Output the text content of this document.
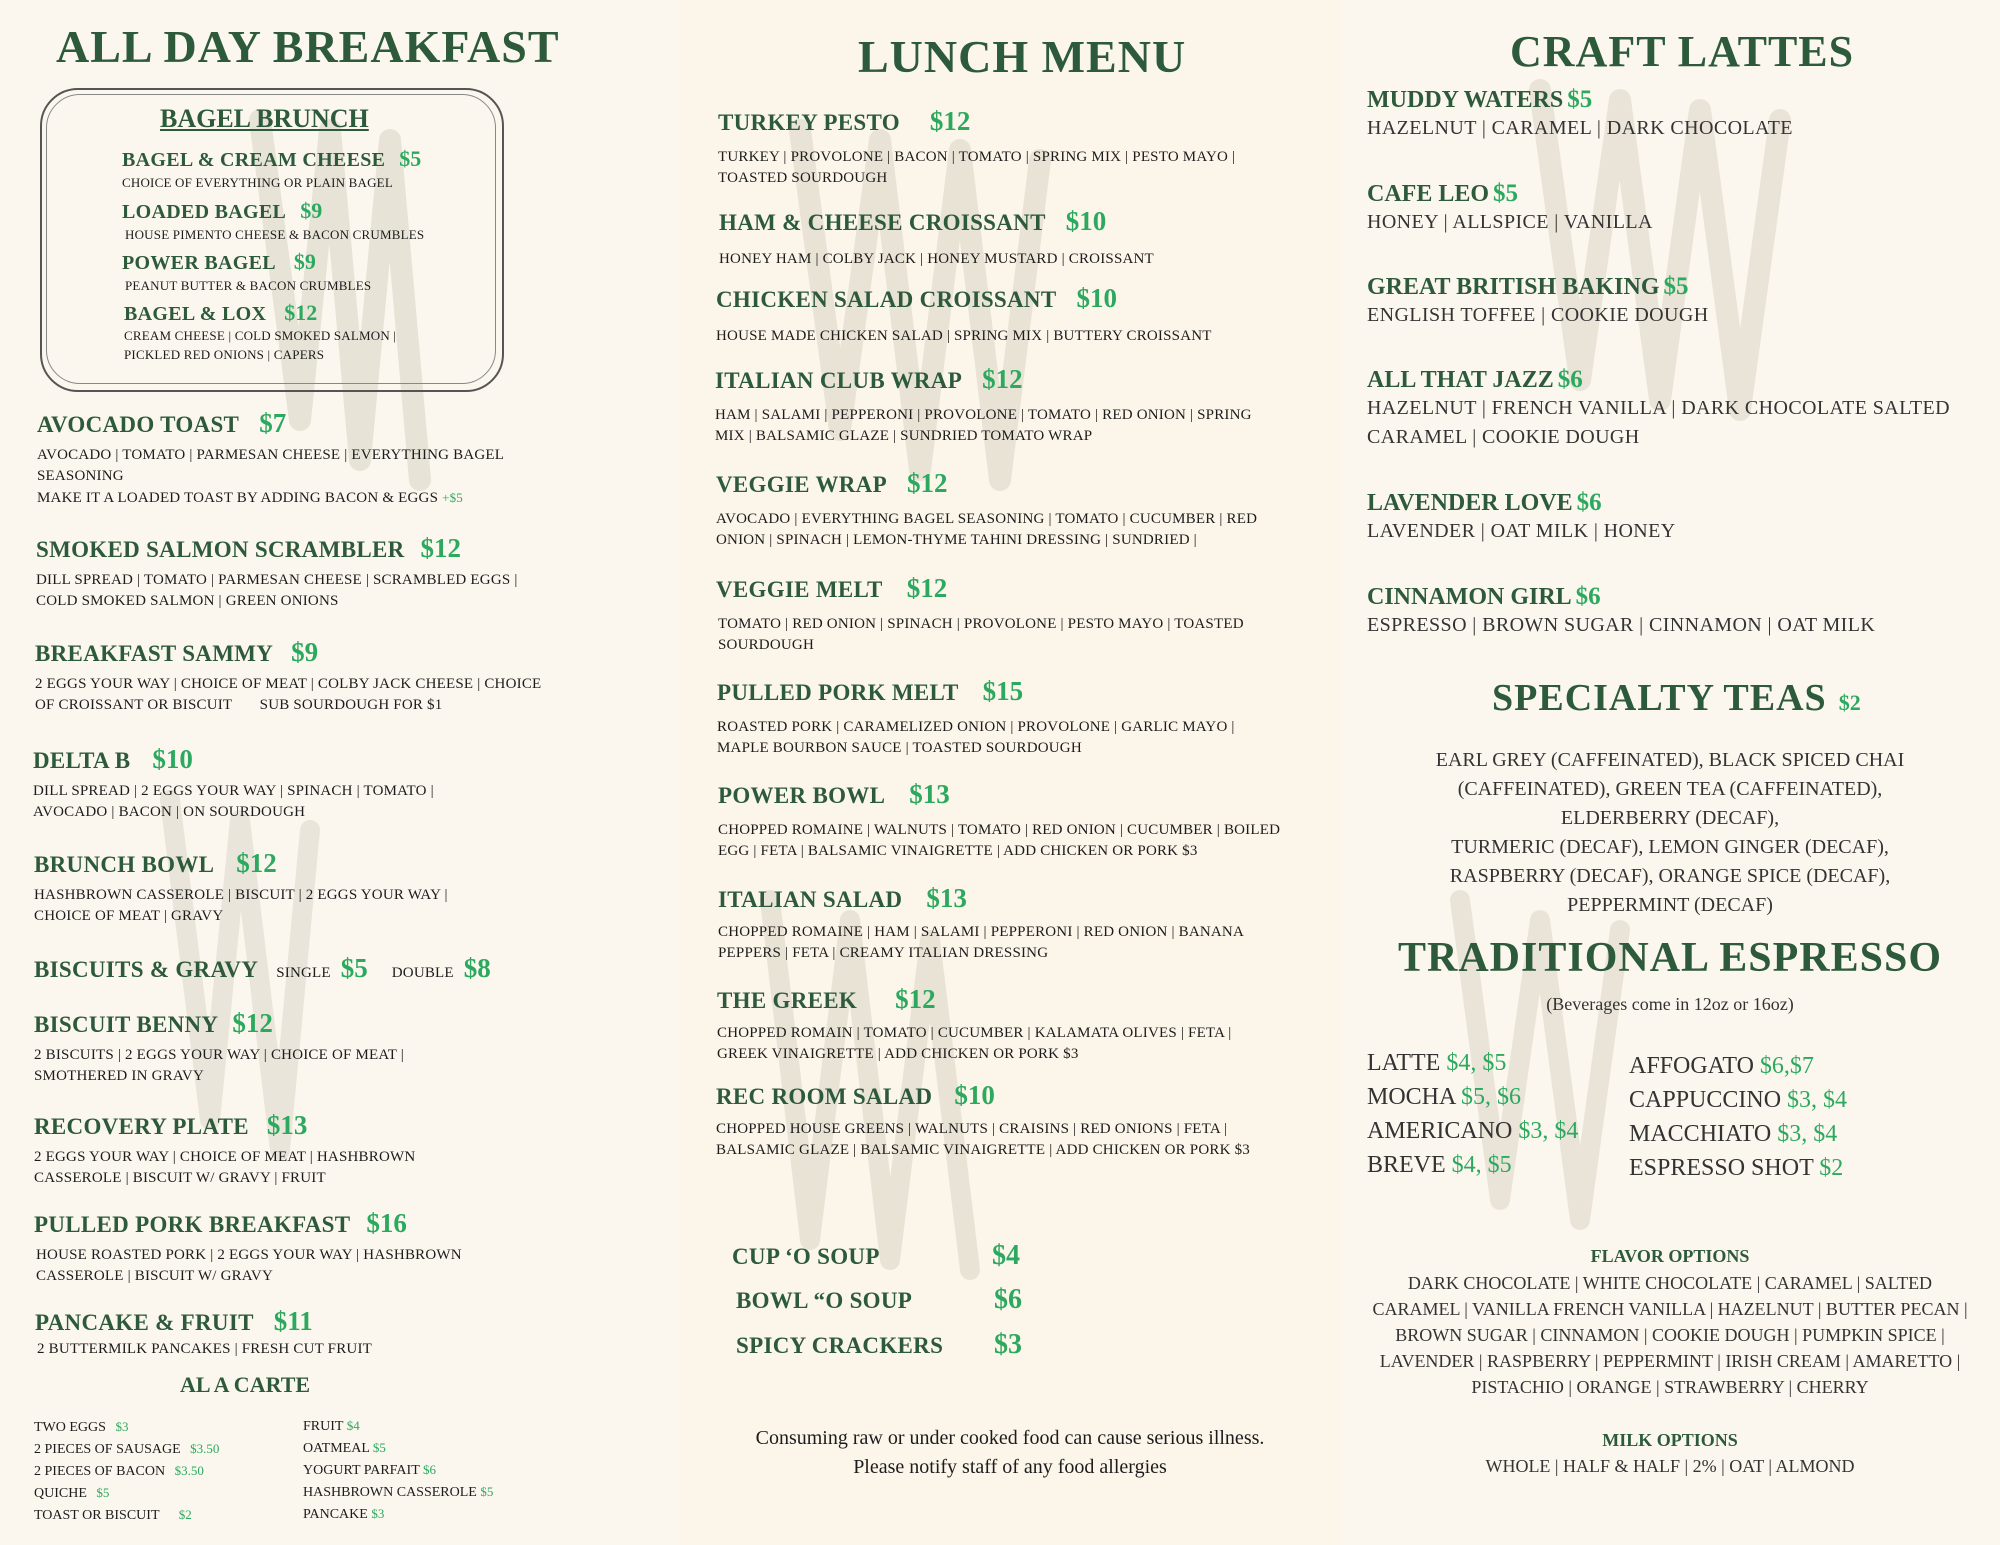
ALL DAY BREAKFAST
BAGEL BRUNCH
BAGEL & CREAM CHEESE $5
CHOICE OF EVERYTHING OR PLAIN BAGEL
LOADED BAGEL $9
HOUSE PIMENTO CHEESE & BACON CRUMBLES
POWER BAGEL $9
PEANUT BUTTER & BACON CRUMBLES
BAGEL & LOX $12
CREAM CHEESE | COLD SMOKED SALMON |
PICKLED RED ONIONS | CAPERS
AVOCADO TOAST $7
AVOCADO | TOMATO | PARMESAN CHEESE | EVERYTHING BAGEL
SEASONING
MAKE IT A LOADED TOAST BY ADDING BACON & EGGS +$5
SMOKED SALMON SCRAMBLER $12
DILL SPREAD | TOMATO | PARMESAN CHEESE | SCRAMBLED EGGS |
COLD SMOKED SALMON | GREEN ONIONS
BREAKFAST SAMMY $9
2 EGGS YOUR WAY | CHOICE OF MEAT | COLBY JACK CHEESE | CHOICE
OF CROISSANT OR BISCUIT       SUB SOURDOUGH FOR $1
DELTA B $10
DILL SPREAD | 2 EGGS YOUR WAY | SPINACH | TOMATO |
AVOCADO | BACON | ON SOURDOUGH
BRUNCH BOWL $12
HASHBROWN CASSEROLE | BISCUIT | 2 EGGS YOUR WAY |
CHOICE OF MEAT | GRAVY
BISCUITS & GRAVY SINGLE $5 DOUBLE $8
BISCUIT BENNY $12
2 BISCUITS | 2 EGGS YOUR WAY | CHOICE OF MEAT |
SMOTHERED IN GRAVY
RECOVERY PLATE $13
2 EGGS YOUR WAY | CHOICE OF MEAT | HASHBROWN
CASSEROLE | BISCUIT W/ GRAVY | FRUIT
PULLED PORK BREAKFAST $16
HOUSE ROASTED PORK | 2 EGGS YOUR WAY | HASHBROWN
CASSEROLE | BISCUIT W/ GRAVY
PANCAKE & FRUIT $11
2 BUTTERMILK PANCAKES | FRESH CUT FRUIT
AL A CARTE
TWO EGGS $3
2 PIECES OF SAUSAGE $3.50
2 PIECES OF BACON $3.50
QUICHE $5
TOAST OR BISCUIT $2
FRUIT $4
OATMEAL $5
YOGURT PARFAIT $6
HASHBROWN CASSEROLE $5
PANCAKE $3
LUNCH MENU
TURKEY PESTO $12
TURKEY | PROVOLONE | BACON | TOMATO | SPRING MIX | PESTO MAYO |
TOASTED SOURDOUGH
HAM & CHEESE CROISSANT $10
HONEY HAM | COLBY JACK | HONEY MUSTARD | CROISSANT
CHICKEN SALAD CROISSANT $10
HOUSE MADE CHICKEN SALAD | SPRING MIX | BUTTERY CROISSANT
ITALIAN CLUB WRAP $12
HAM | SALAMI | PEPPERONI | PROVOLONE | TOMATO | RED ONION | SPRING
MIX | BALSAMIC GLAZE | SUNDRIED TOMATO WRAP
VEGGIE WRAP $12
AVOCADO | EVERYTHING BAGEL SEASONING | TOMATO | CUCUMBER | RED
ONION | SPINACH | LEMON-THYME TAHINI DRESSING | SUNDRIED |
VEGGIE MELT $12
TOMATO | RED ONION | SPINACH | PROVOLONE | PESTO MAYO | TOASTED
SOURDOUGH
PULLED PORK MELT $15
ROASTED PORK | CARAMELIZED ONION | PROVOLONE | GARLIC MAYO |
MAPLE BOURBON SAUCE | TOASTED SOURDOUGH
POWER BOWL $13
CHOPPED ROMAINE | WALNUTS | TOMATO | RED ONION | CUCUMBER | BOILED
EGG | FETA | BALSAMIC VINAIGRETTE | ADD CHICKEN OR PORK $3
ITALIAN SALAD $13
CHOPPED ROMAINE | HAM | SALAMI | PEPPERONI | RED ONION | BANANA
PEPPERS | FETA | CREAMY ITALIAN DRESSING
THE GREEK $12
CHOPPED ROMAIN | TOMATO | CUCUMBER | KALAMATA OLIVES | FETA |
GREEK VINAIGRETTE | ADD CHICKEN OR PORK $3
REC ROOM SALAD $10
CHOPPED HOUSE GREENS | WALNUTS | CRAISINS | RED ONIONS | FETA |
BALSAMIC GLAZE | BALSAMIC VINAIGRETTE | ADD CHICKEN OR PORK $3
CUP ‘O SOUP	$4
BOWL “O SOUP	$6
SPICY CRACKERS $3
Consuming raw or under cooked food can cause serious illness.
Please notify staff of any food allergies
CRAFT LATTES
MUDDY WATERS $5
HAZELNUT | CARAMEL | DARK CHOCOLATE
CAFE LEO $5
HONEY | ALLSPICE | VANILLA
GREAT BRITISH BAKING $5
ENGLISH TOFFEE | COOKIE DOUGH
ALL THAT JAZZ $6
HAZELNUT | FRENCH VANILLA | DARK CHOCOLATE SALTED
CARAMEL | COOKIE DOUGH
LAVENDER LOVE $6
LAVENDER | OAT MILK | HONEY
CINNAMON GIRL $6
ESPRESSO | BROWN SUGAR | CINNAMON | OAT MILK
SPECIALTY TEAS $2
EARL GREY (CAFFEINATED), BLACK SPICED CHAI
(CAFFEINATED), GREEN TEA (CAFFEINATED),
ELDERBERRY (DECAF),
TURMERIC (DECAF), LEMON GINGER (DECAF),
RASPBERRY (DECAF), ORANGE SPICE (DECAF),
PEPPERMINT (DECAF)
TRADITIONAL ESPRESSO
(Beverages come in 12oz or 16oz)
LATTE $4, $5
MOCHA $5, $6
AMERICANO $3, $4
BREVE $4, $5
AFFOGATO $6,$7
CAPPUCCINO $3, $4
MACCHIATO $3, $4
ESPRESSO SHOT $2
FLAVOR OPTIONS
DARK CHOCOLATE | WHITE CHOCOLATE | CARAMEL | SALTED
CARAMEL | VANILLA FRENCH VANILLA | HAZELNUT | BUTTER PECAN |
BROWN SUGAR | CINNAMON | COOKIE DOUGH | PUMPKIN SPICE |
LAVENDER | RASPBERRY | PEPPERMINT | IRISH CREAM | AMARETTO |
PISTACHIO | ORANGE | STRAWBERRY | CHERRY
MILK OPTIONS
WHOLE | HALF & HALF | 2% | OAT | ALMOND
